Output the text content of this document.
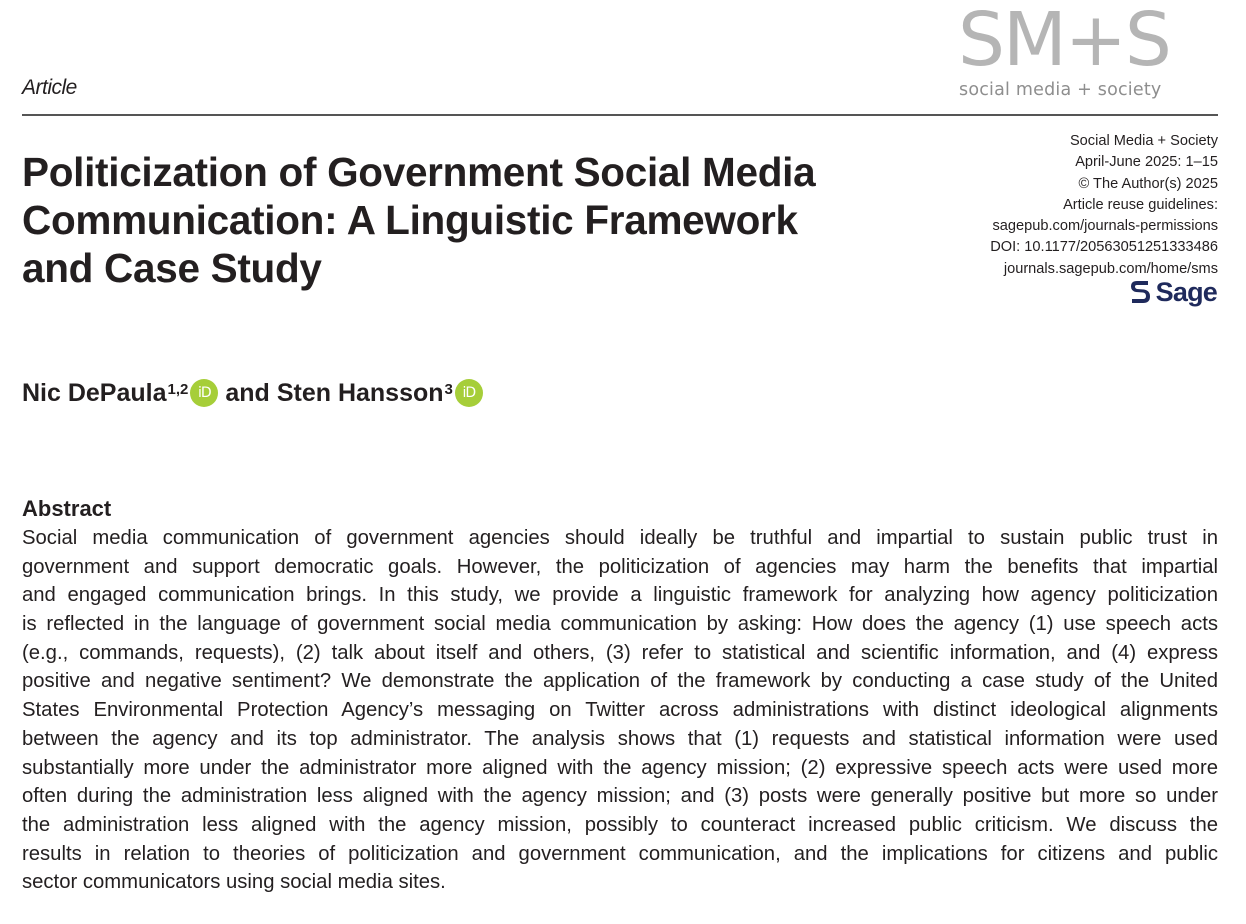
SM+S
social media + society
Article
Social Media + Society
April-June 2025: 1–15
© The Author(s) 2025
Article reuse guidelines:
sagepub.com/journals-permissions
DOI: 10.1177/20563051251333486
journals.sagepub.com/home/sms
Sage
Politicization of Government Social Media
Communication: A Linguistic Framework
and Case Study
Nic DePaula$^{1,2}$ iD and Sten Hansson$^3$ iD
Abstract
Social media communication of government agencies should ideally be truthful and impartial to sustain public trust in
government and support democratic goals. However, the politicization of agencies may harm the benefits that impartial
and engaged communication brings. In this study, we provide a linguistic framework for analyzing how agency politicization
is reflected in the language of government social media communication by asking: How does the agency (1) use speech acts
(e.g., commands, requests), (2) talk about itself and others, (3) refer to statistical and scientific information, and (4) express
positive and negative sentiment? We demonstrate the application of the framework by conducting a case study of the United
States Environmental Protection Agency’s messaging on Twitter across administrations with distinct ideological alignments
between the agency and its top administrator. The analysis shows that (1) requests and statistical information were used
substantially more under the administrator more aligned with the agency mission; (2) expressive speech acts were used more
often during the administration less aligned with the agency mission; and (3) posts were generally positive but more so under
the administration less aligned with the agency mission, possibly to counteract increased public criticism. We discuss the
results in relation to theories of politicization and government communication, and the implications for citizens and public
sector communicators using social media sites.
